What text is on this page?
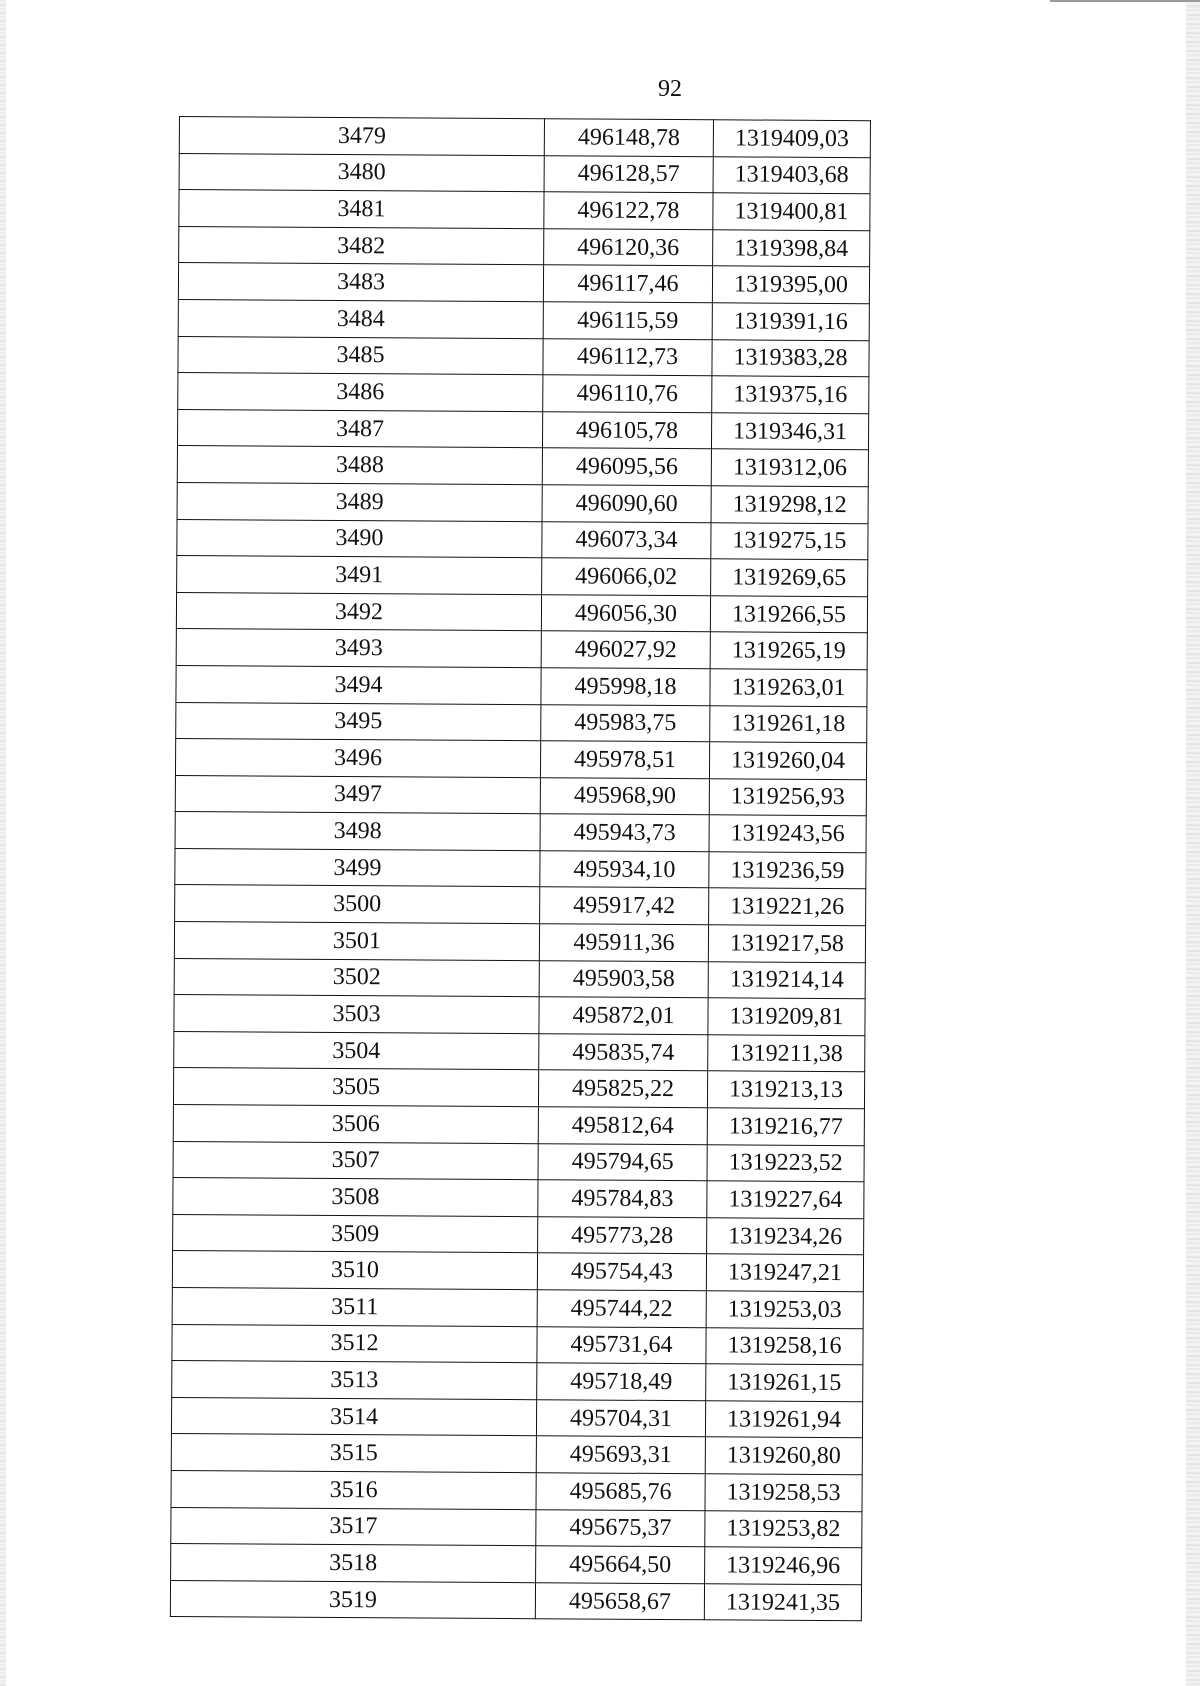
92
3479	496148,78	1319409,03
3480	496128,57	1319403,68
3481	496122,78	1319400,81
3482	496120,36	1319398,84
3483	496117,46	1319395,00
3484	496115,59	1319391,16
3485	496112,73	1319383,28
3486	496110,76	1319375,16
3487	496105,78	1319346,31
3488	496095,56	1319312,06
3489	496090,60	1319298,12
3490	496073,34	1319275,15
3491	496066,02	1319269,65
3492	496056,30	1319266,55
3493	496027,92	1319265,19
3494	495998,18	1319263,01
3495	495983,75	1319261,18
3496	495978,51	1319260,04
3497	495968,90	1319256,93
3498	495943,73	1319243,56
3499	495934,10	1319236,59
3500	495917,42	1319221,26
3501	495911,36	1319217,58
3502	495903,58	1319214,14
3503	495872,01	1319209,81
3504	495835,74	1319211,38
3505	495825,22	1319213,13
3506	495812,64	1319216,77
3507	495794,65	1319223,52
3508	495784,83	1319227,64
3509	495773,28	1319234,26
3510	495754,43	1319247,21
3511	495744,22	1319253,03
3512	495731,64	1319258,16
3513	495718,49	1319261,15
3514	495704,31	1319261,94
3515	495693,31	1319260,80
3516	495685,76	1319258,53
3517	495675,37	1319253,82
3518	495664,50	1319246,96
3519	495658,67	1319241,35
